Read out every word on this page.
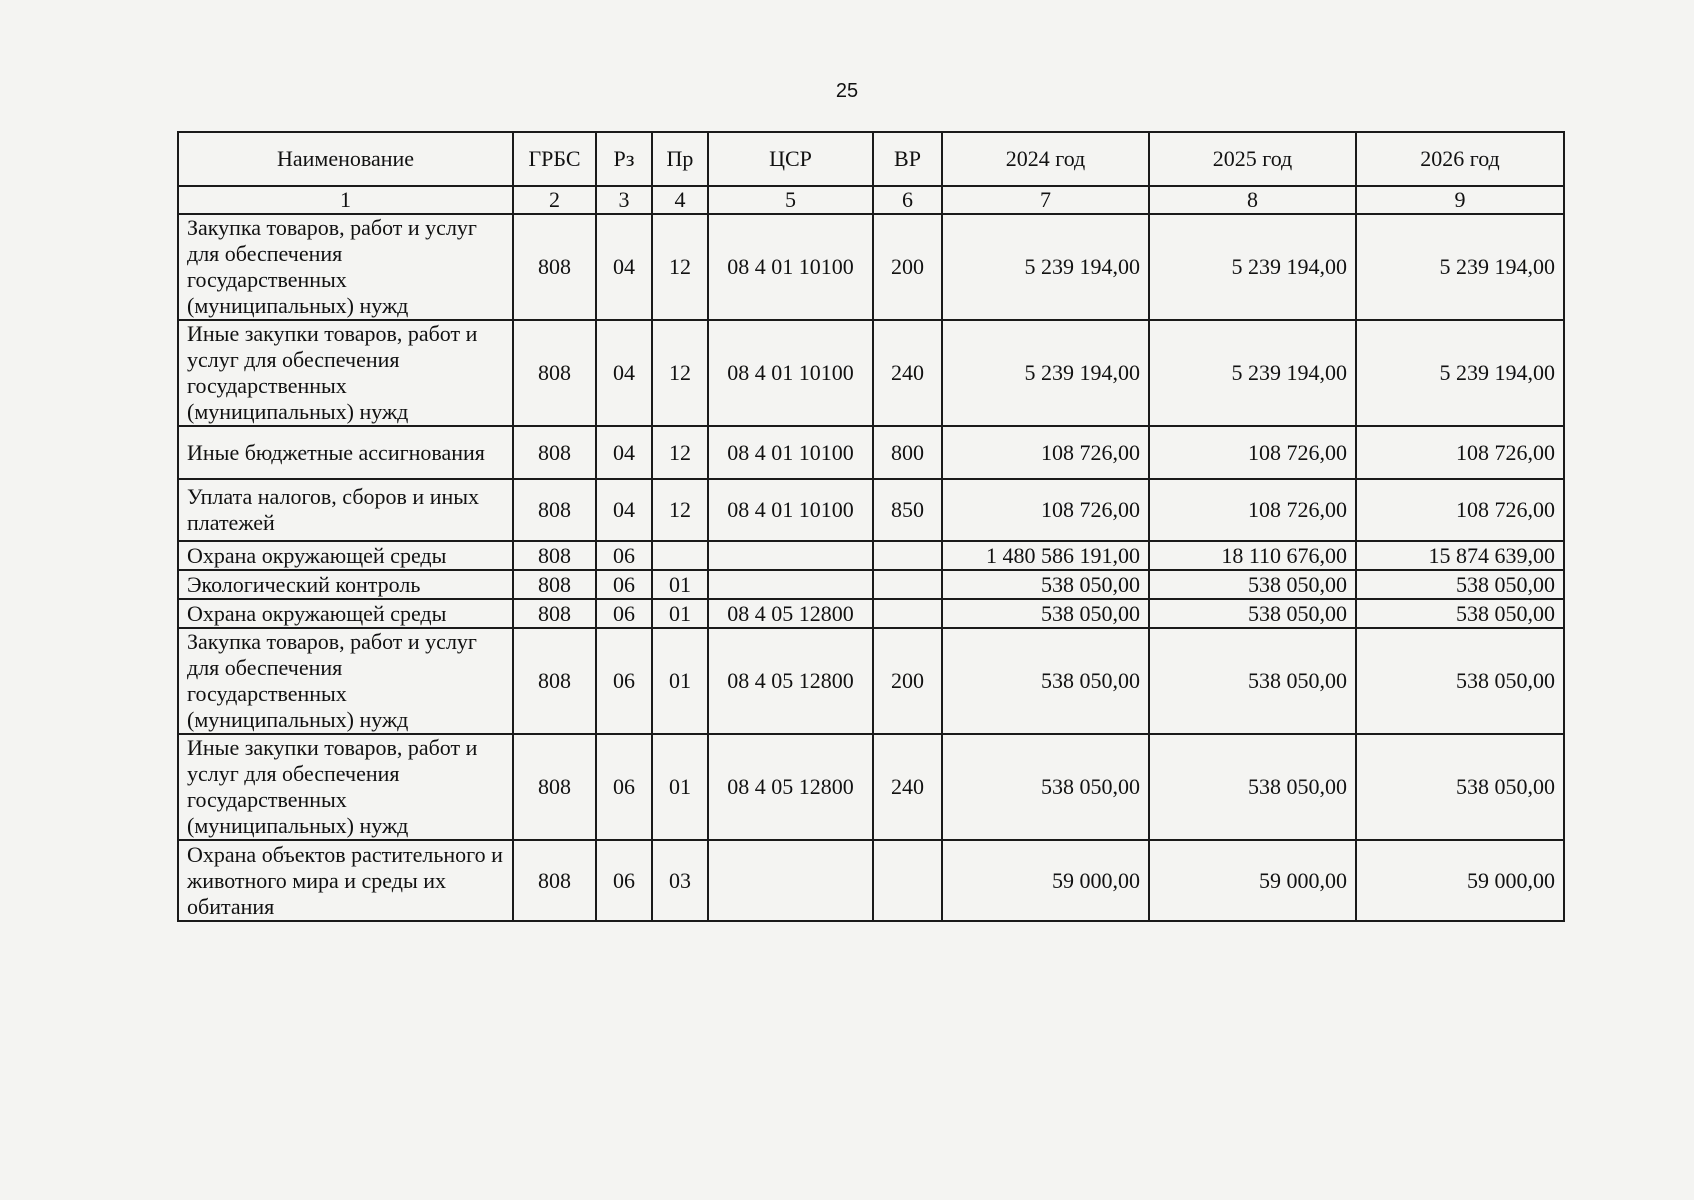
25
Наименование	ГРБС	Рз	Пр	ЦСР	ВР	2024 год	2025 год	2026 год
1	2	3	4	5	6	7	8	9
Закупка товаров, работ и услуг для обеспечения государственных (муниципальных) нужд	808	04	12	08 4 01 10100	200	5 239 194,00	5 239 194,00	5 239 194,00
Иные закупки товаров, работ и услуг для обеспечения государственных (муниципальных) нужд	808	04	12	08 4 01 10100	240	5 239 194,00	5 239 194,00	5 239 194,00
Иные бюджетные ассигнования	808	04	12	08 4 01 10100	800	108 726,00	108 726,00	108 726,00
Уплата налогов, сборов и иных платежей	808	04	12	08 4 01 10100	850	108 726,00	108 726,00	108 726,00
Охрана окружающей среды	808	06				1 480 586 191,00	18 110 676,00	15 874 639,00
Экологический контроль	808	06	01			538 050,00	538 050,00	538 050,00
Охрана окружающей среды	808	06	01	08 4 05 12800		538 050,00	538 050,00	538 050,00
Закупка товаров, работ и услуг для обеспечения государственных (муниципальных) нужд	808	06	01	08 4 05 12800	200	538 050,00	538 050,00	538 050,00
Иные закупки товаров, работ и услуг для обеспечения государственных (муниципальных) нужд	808	06	01	08 4 05 12800	240	538 050,00	538 050,00	538 050,00
Охрана объектов растительного и животного мира и среды их обитания	808	06	03			59 000,00	59 000,00	59 000,00
